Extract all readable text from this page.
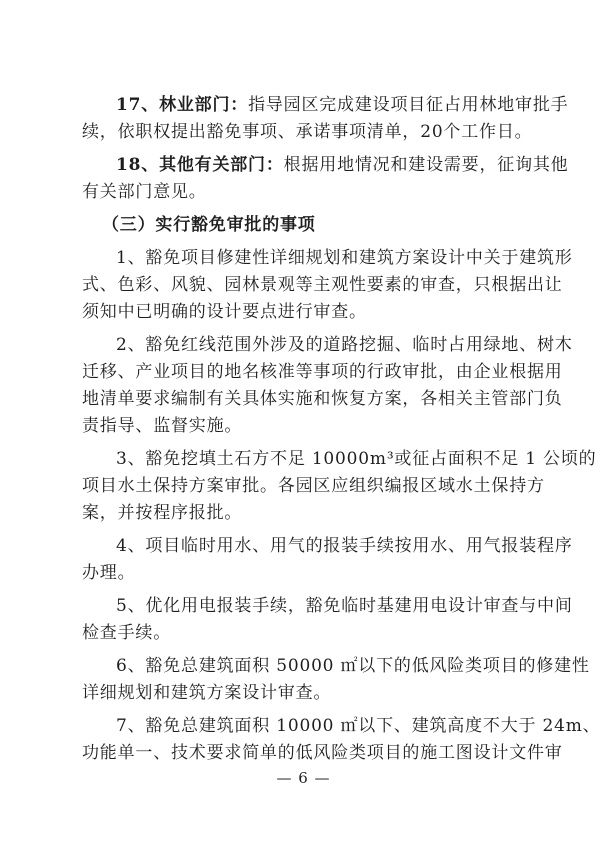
17、林业部门：指导园区完成建设项目征占用林地审批手
续，依职权提出豁免事项、承诺事项清单，20个工作日。
18、其他有关部门：根据用地情况和建设需要，征询其他
有关部门意见。
（三）实行豁免审批的事项
1、豁免项目修建性详细规划和建筑方案设计中关于建筑形
式、色彩、风貌、园林景观等主观性要素的审查，只根据出让
须知中已明确的设计要点进行审查。
2、豁免红线范围外涉及的道路挖掘、临时占用绿地、树木
迁移、产业项目的地名核准等事项的行政审批，由企业根据用
地清单要求编制有关具体实施和恢复方案，各相关主管部门负
责指导、监督实施。
3、豁免挖填土石方不足 10000m³或征占面积不足 1 公顷的
项目水土保持方案审批。各园区应组织编报区域水土保持方
案，并按程序报批。
4、项目临时用水、用气的报装手续按用水、用气报装程序
办理。
5、优化用电报装手续，豁免临时基建用电设计审查与中间
检查手续。
6、豁免总建筑面积 50000 ㎡以下的低风险类项目的修建性
详细规划和建筑方案设计审查。
7、豁免总建筑面积 10000 ㎡以下、建筑高度不大于 24m、
功能单一、技术要求简单的低风险类项目的施工图设计文件审
— 6 —
